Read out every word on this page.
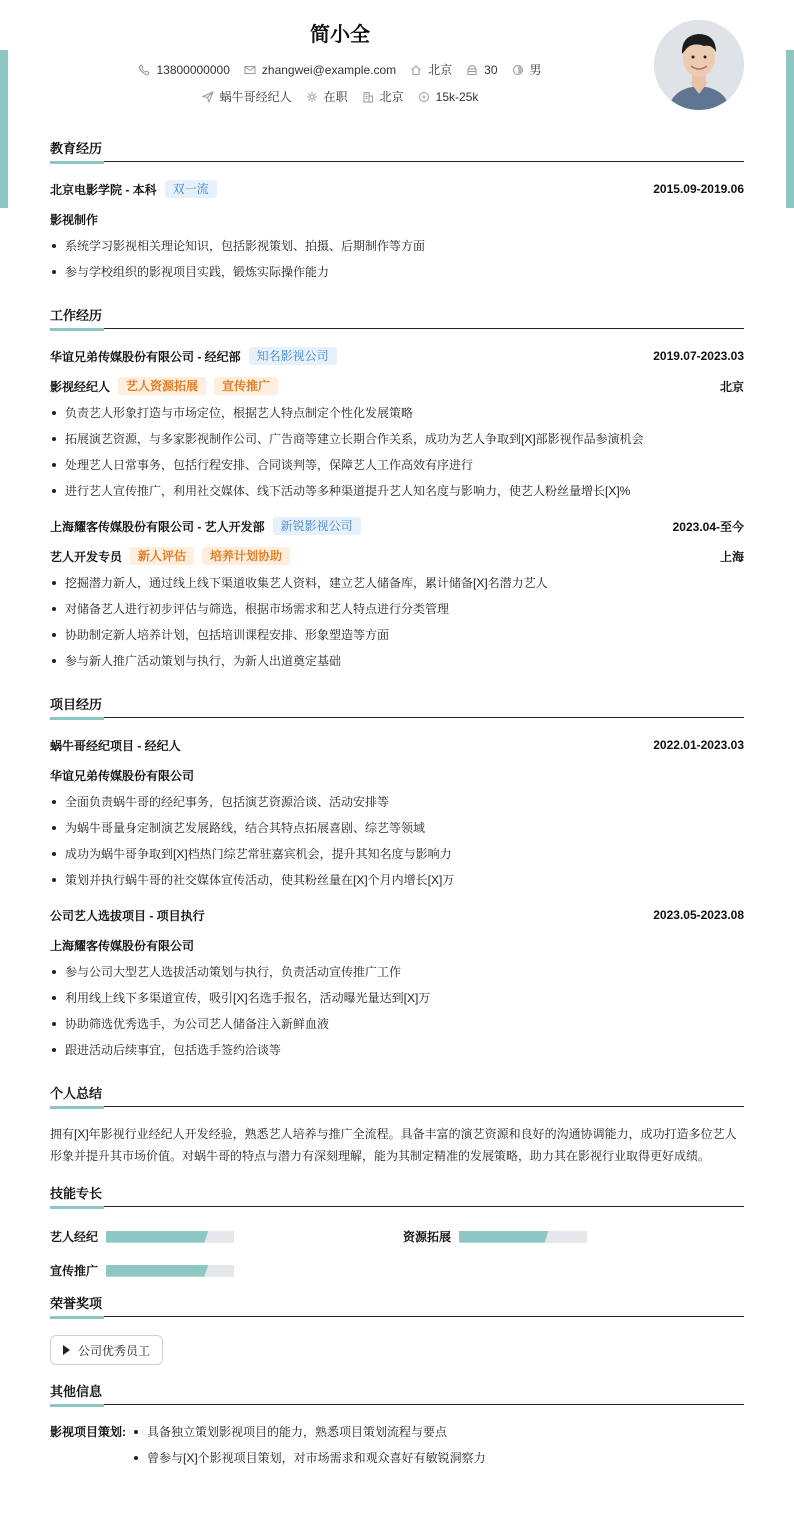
简小全
13800000000	zhangwei@example.com	北京	30	男
蜗牛哥经纪人	在职	北京	15k-25k
教育经历
北京电影学院 - 本科	双一流	2015.09-2019.06
影视制作
系统学习影视相关理论知识，包括影视策划、拍摄、后期制作等方面
参与学校组织的影视项目实践，锻炼实际操作能力
工作经历
华谊兄弟传媒股份有限公司 - 经纪部	知名影视公司	2019.07-2023.03
影视经纪人	艺人资源拓展	宣传推广	北京
负责艺人形象打造与市场定位，根据艺人特点制定个性化发展策略
拓展演艺资源，与多家影视制作公司、广告商等建立长期合作关系，成功为艺人争取到[X]部影视作品参演机会
处理艺人日常事务，包括行程安排、合同谈判等，保障艺人工作高效有序进行
进行艺人宣传推广，利用社交媒体、线下活动等多种渠道提升艺人知名度与影响力，使艺人粉丝量增长[X]%
上海耀客传媒股份有限公司 - 艺人开发部	新锐影视公司	2023.04-至今
艺人开发专员	新人评估	培养计划协助	上海
挖掘潜力新人，通过线上线下渠道收集艺人资料，建立艺人储备库，累计储备[X]名潜力艺人
对储备艺人进行初步评估与筛选，根据市场需求和艺人特点进行分类管理
协助制定新人培养计划，包括培训课程安排、形象塑造等方面
参与新人推广活动策划与执行，为新人出道奠定基础
项目经历
蜗牛哥经纪项目 - 经纪人	2022.01-2023.03
华谊兄弟传媒股份有限公司
全面负责蜗牛哥的经纪事务，包括演艺资源洽谈、活动安排等
为蜗牛哥量身定制演艺发展路线，结合其特点拓展喜剧、综艺等领域
成功为蜗牛哥争取到[X]档热门综艺常驻嘉宾机会，提升其知名度与影响力
策划并执行蜗牛哥的社交媒体宣传活动，使其粉丝量在[X]个月内增长[X]万
公司艺人选拔项目 - 项目执行	2023.05-2023.08
上海耀客传媒股份有限公司
参与公司大型艺人选拔活动策划与执行，负责活动宣传推广工作
利用线上线下多渠道宣传，吸引[X]名选手报名，活动曝光量达到[X]万
协助筛选优秀选手，为公司艺人储备注入新鲜血液
跟进活动后续事宜，包括选手签约洽谈等
个人总结
拥有[X]年影视行业经纪人开发经验，熟悉艺人培养与推广全流程。具备丰富的演艺资源和良好的沟通协调能力，成功打造多位艺人形象并提升其市场价值。对蜗牛哥的特点与潜力有深刻理解，能为其制定精准的发展策略，助力其在影视行业取得更好成绩。
技能专长
艺人经纪	资源拓展
宣传推广
荣誉奖项
公司优秀员工
其他信息
影视项目策划:	具备独立策划影视项目的能力，熟悉项目策划流程与要点
曾参与[X]个影视项目策划，对市场需求和观众喜好有敏锐洞察力
